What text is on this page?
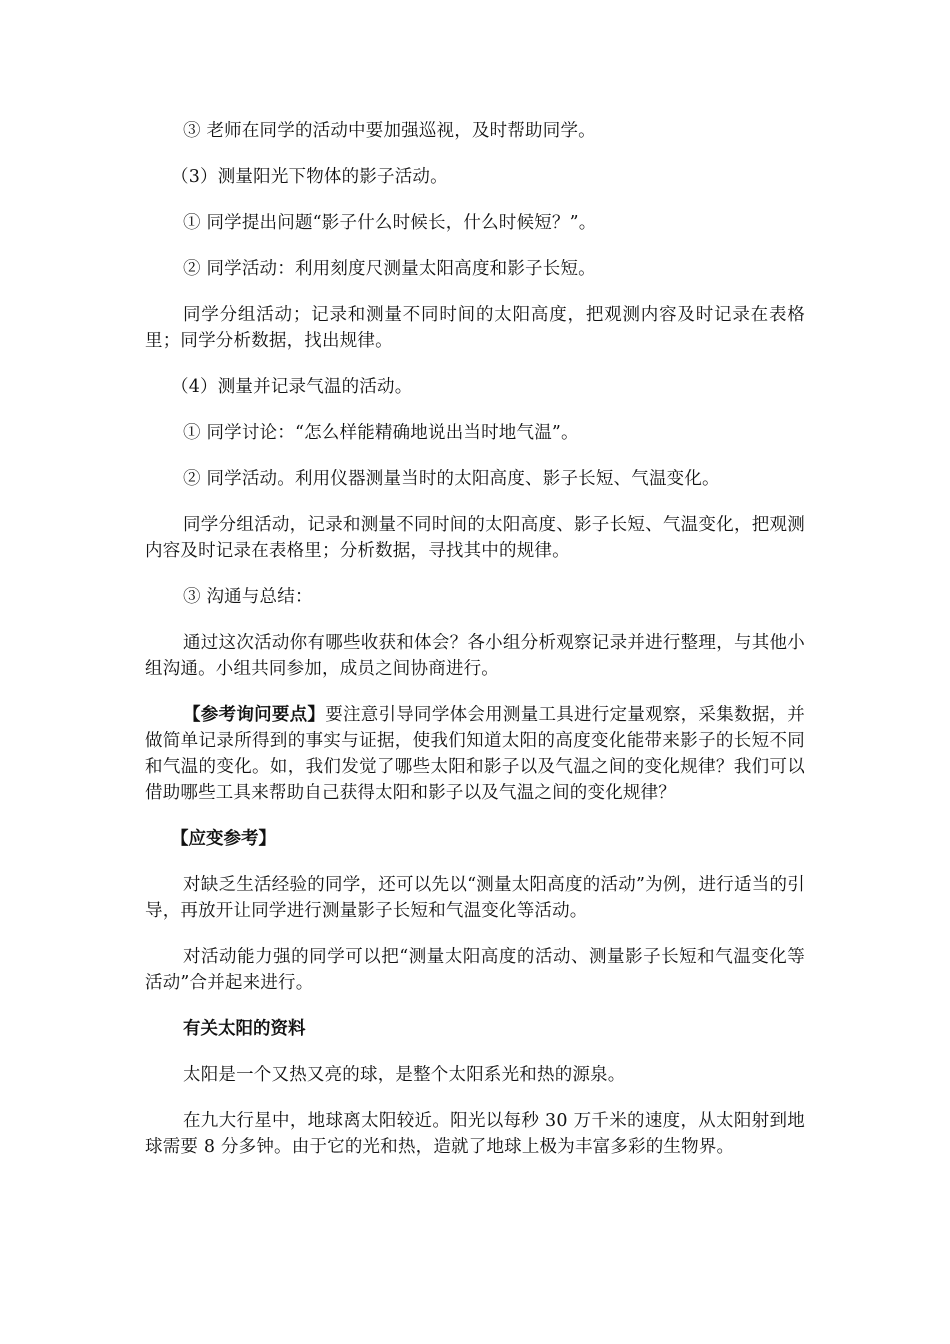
③ 老师在同学的活动中要加强巡视，及时帮助同学。

（3）测量阳光下物体的影子活动。

① 同学提出问题“影子什么时候长，什么时候短？”。

② 同学活动：利用刻度尺测量太阳高度和影子长短。

同学分组活动；记录和测量不同时间的太阳高度，把观测内容及时记录在表格里；同学分析数据，找出规律。

（4）测量并记录气温的活动。

① 同学讨论：“怎么样能精确地说出当时地气温”。

② 同学活动。利用仪器测量当时的太阳高度、影子长短、气温变化。

同学分组活动，记录和测量不同时间的太阳高度、影子长短、气温变化，把观测内容及时记录在表格里；分析数据，寻找其中的规律。

③ 沟通与总结：

通过这次活动你有哪些收获和体会？各小组分析观察记录并进行整理，与其他小组沟通。小组共同参加，成员之间协商进行。

【参考询问要点】要注意引导同学体会用测量工具进行定量观察，采集数据，并做简单记录所得到的事实与证据，使我们知道太阳的高度变化能带来影子的长短不同和气温的变化。如，我们发觉了哪些太阳和影子以及气温之间的变化规律？我们可以借助哪些工具来帮助自己获得太阳和影子以及气温之间的变化规律？

【应变参考】

对缺乏生活经验的同学，还可以先以“测量太阳高度的活动”为例，进行适当的引导，再放开让同学进行测量影子长短和气温变化等活动。

对活动能力强的同学可以把“测量太阳高度的活动、测量影子长短和气温变化等活动”合并起来进行。

有关太阳的资料

太阳是一个又热又亮的球，是整个太阳系光和热的源泉。

在九大行星中，地球离太阳较近。阳光以每秒 30 万千米的速度，从太阳射到地球需要 8 分多钟。由于它的光和热，造就了地球上极为丰富多彩的生物界。
